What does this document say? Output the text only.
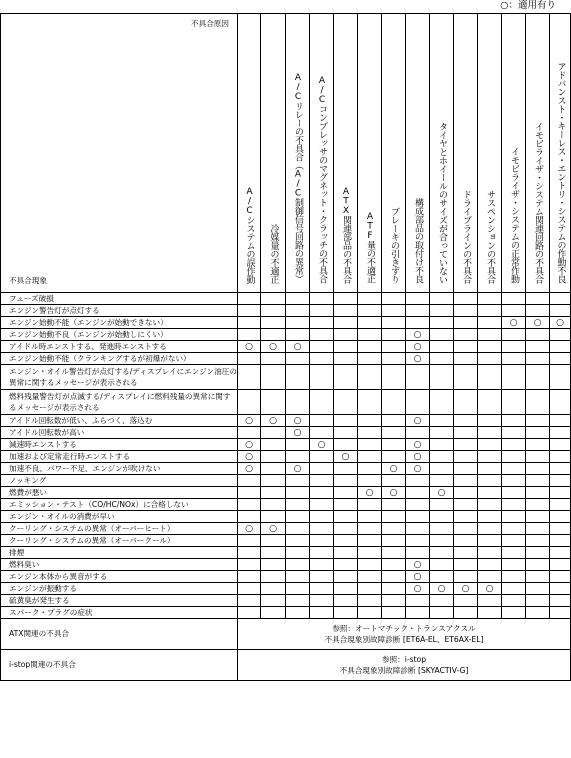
○：適用有り
不具合原因
不具合現象	A/Cシステムの誤作動	冷媒量の不適正	A/Cリレーの不具合（A/C制御信号回路の異常）	A/Cコンプレッサのマグネット・クラッチの不具合	ATX関連部品の不具合	ATF量の不適正	ブレーキの引きずり	構成部品の取付け不良	タイヤとホイールのサイズが合っていない	ドライブラインの不具合	サスペンションの不具合	イモビライザ・システムの正常作動	イモビライザ・システム関連回路の不具合	アドバンスト・キーレス・エントリ・システムの作動不良
フューズ破損														
エンジン警告灯が点灯する														
エンジン始動不能（エンジンが始動できない）												○	○	○
エンジン始動不良（エンジンが始動しにくい）								○						
アイドル時エンストする、発進時エンストする	○	○	○					○						
エンジン始動不能（クランキングするが初爆がない）								○						
エンジン・オイル警告灯が点灯する/ディスプレイにエンジン油圧の異常に関するメッセージが表示される														
燃料残量警告灯が点滅する/ディスプレイに燃料残量の異常に関するメッセージが表示される														
アイドル回転数が低い、ふらつく、落込む	○	○	○					○						
アイドル回転数が高い			○											
減速時エンストする	○			○				○						
加速および定常走行時エンストする	○				○			○						
加速不良、パワー不足、エンジンが吹けない	○		○				○	○						
ノッキング														
燃費が悪い						○	○		○					
エミッション・テスト（CO/HC/NOx）に合格しない														
エンジン・オイルの消費が早い														
クーリング・システムの異常（オーバーヒート）	○	○												
クーリング・システムの異常（オーバークール）														
排煙														
燃料臭い								○						
エンジン本体から異音がする								○						
エンジンが振動する								○	○	○	○			
硫黄臭が発生する														
スパーク・プラグの症状														
ATX関連の不具合	参照：オートマチック・トランスアクスル
不具合現象別故障診断 [ET6A-EL、ET6AX-EL]													

i-stop関連の不具合	参照：i-stop
不具合現象別故障診断 [SKYACTIV-G]													
